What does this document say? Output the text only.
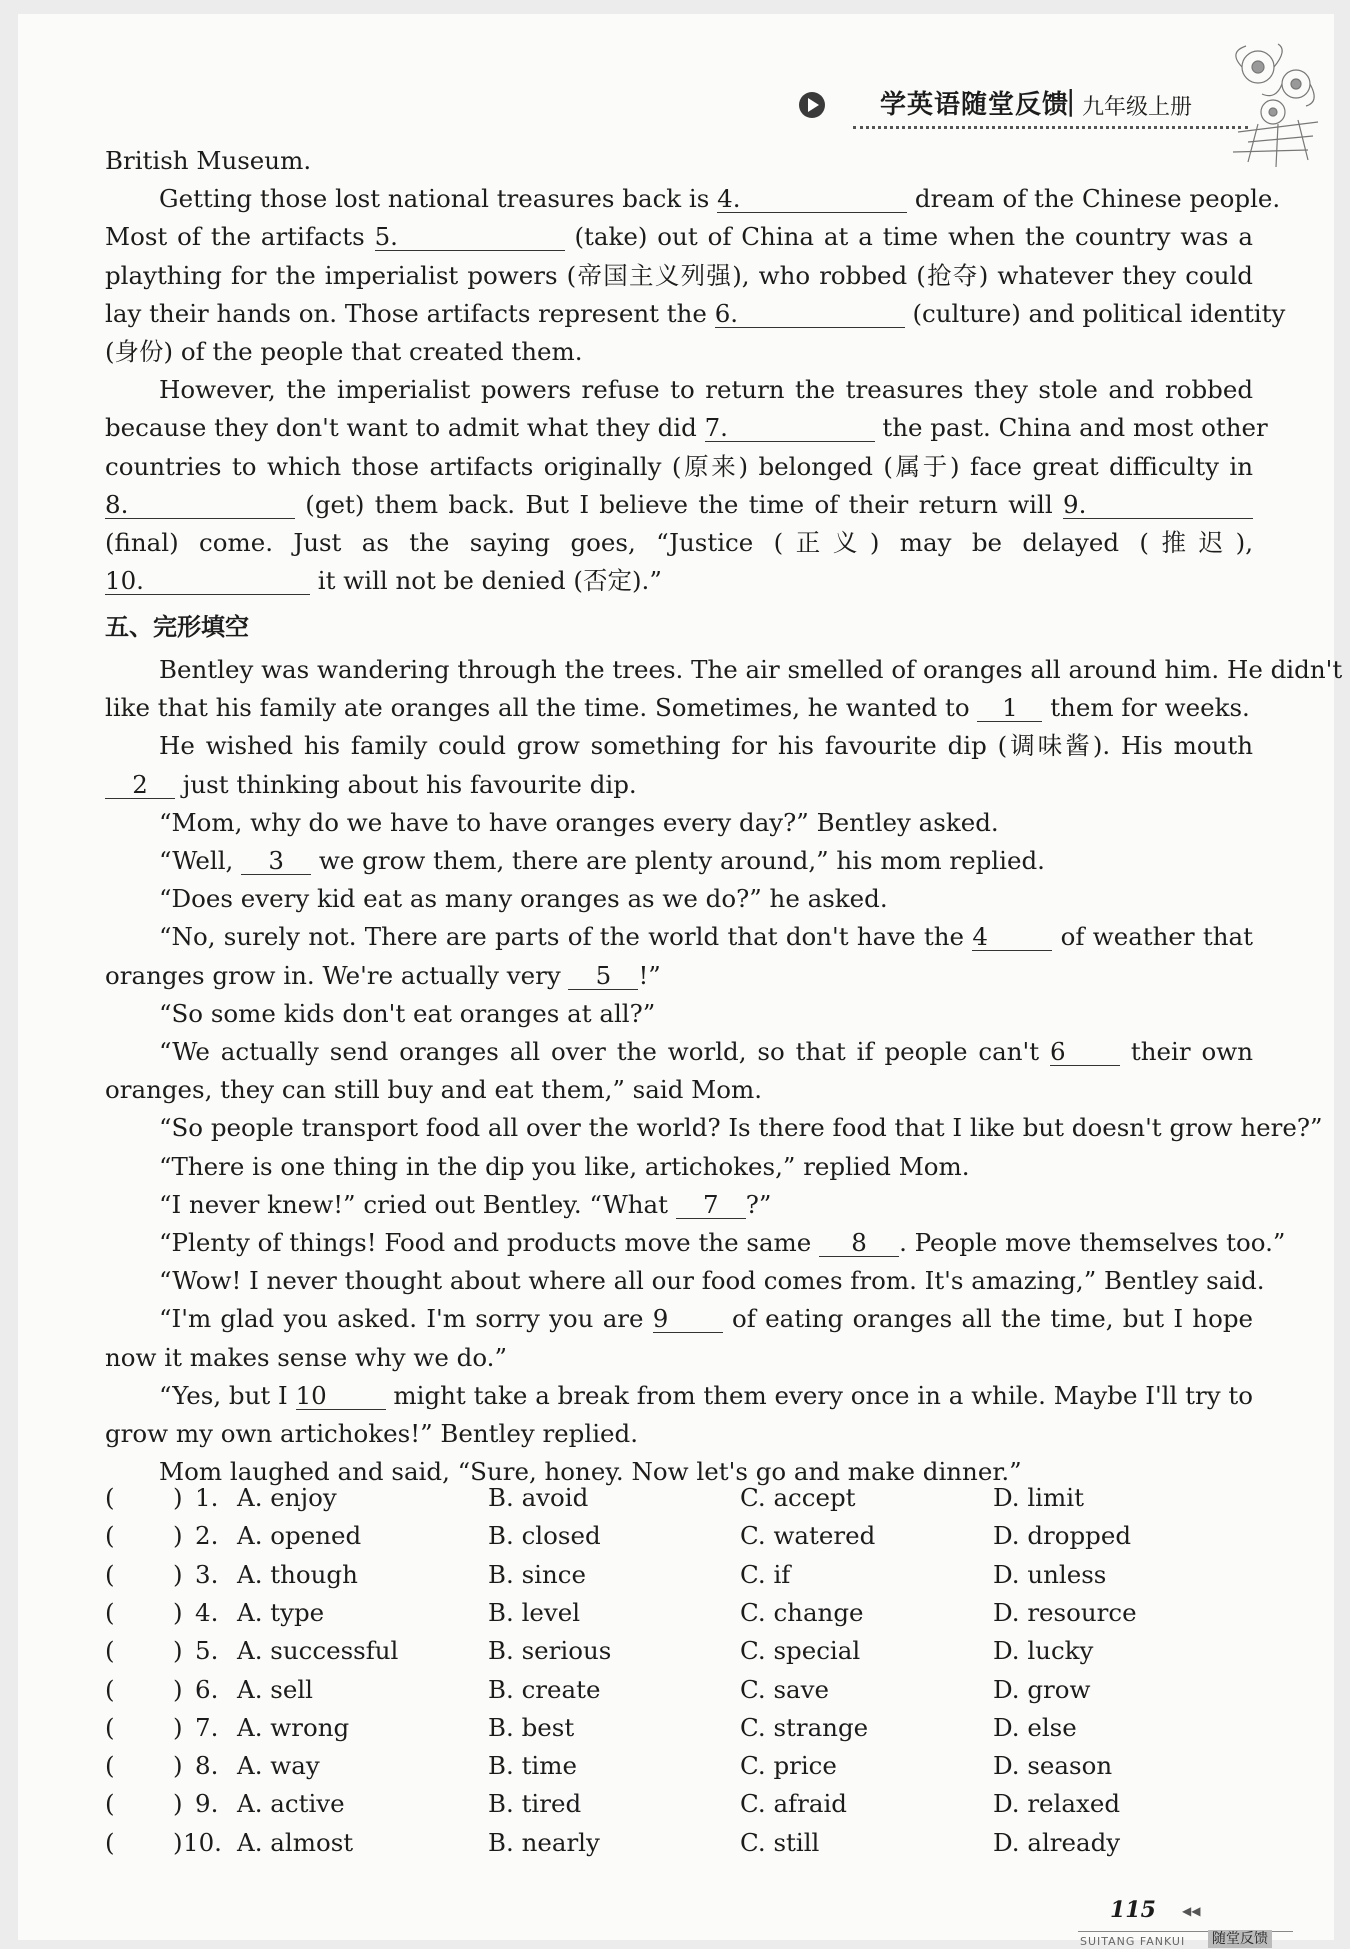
学英语随堂反馈
| 九年级上册
British Museum.
Getting those lost national treasures back is 4.	dream of the Chinese people.
Most of the artifacts 5.	(take) out of China at a time when the country was a
plaything for the imperialist powers (帝国主义列强), who robbed (抢夺) whatever they could
lay their hands on. Those artifacts represent the 6.	(culture) and political identity
(身份) of the people that created them.
However, the imperialist powers refuse to return the treasures they stole and robbed
because they don't want to admit what they did 7.	the past. China and most other
countries to which those artifacts originally (原来) belonged (属于) face great difficulty in
8.	(get) them back. But I believe the time of their return will 9.
(final) come. Just as the saying goes, “Justice (正义) may be delayed (推迟),
10.	it will not be denied (否定).”
五、完形填空
Bentley was wandering through the trees. The air smelled of oranges all around him. He didn't
like that his family ate oranges all the time. Sometimes, he wanted to 1 them for weeks.
He wished his family could grow something for his favourite dip (调味酱). His mouth
2 just thinking about his favourite dip.
“Mom, why do we have to have oranges every day?” Bentley asked.
“Well, 3 we grow them, there are plenty around,” his mom replied.
“Does every kid eat as many oranges as we do?” he asked.
“No, surely not. There are parts of the world that don't have the 4	of weather that
oranges grow in. We're actually very 5 !”
“So some kids don't eat oranges at all?”
“We actually send oranges all over the world, so that if people can't 6 their own
oranges, they can still buy and eat them,” said Mom.
“So people transport food all over the world? Is there food that I like but doesn't grow here?”
“There is one thing in the dip you like, artichokes,” replied Mom.
“I never knew!” cried out Bentley. “What 7 ?”
“Plenty of things! Food and products move the same 8 . People move themselves too.”
“Wow! I never thought about where all our food comes from. It's amazing,” Bentley said.
“I'm glad you asked. I'm sorry you are 9 of eating oranges all the time, but I hope
now it makes sense why we do.”
“Yes, but I 10 might take a break from them every once in a while. Maybe I'll try to
grow my own artichokes!” Bentley replied.
Mom laughed and said, “Sure, honey. Now let's go and make dinner.”
( ) 1. A. enjoy	B. avoid	C. accept	D. limit
( ) 2. A. opened	B. closed	C. watered	D. dropped
( ) 3. A. though	B. since	C. if	D. unless
( ) 4. A. type	B. level	C. change	D. resource
( ) 5. A. successful	B. serious	C. special	D. lucky
( ) 6. A. sell	B. create	C. save	D. grow
( ) 7. A. wrong	B. best	C. strange	D. else
( ) 8. A. way	B. time	C. price	D. season
( ) 9. A. active	B. tired	C. afraid	D. relaxed
( ) 10. A. almost	B. nearly	C. still	D. already
115 ◀◀
SUITANG FANKUI 随堂反馈
